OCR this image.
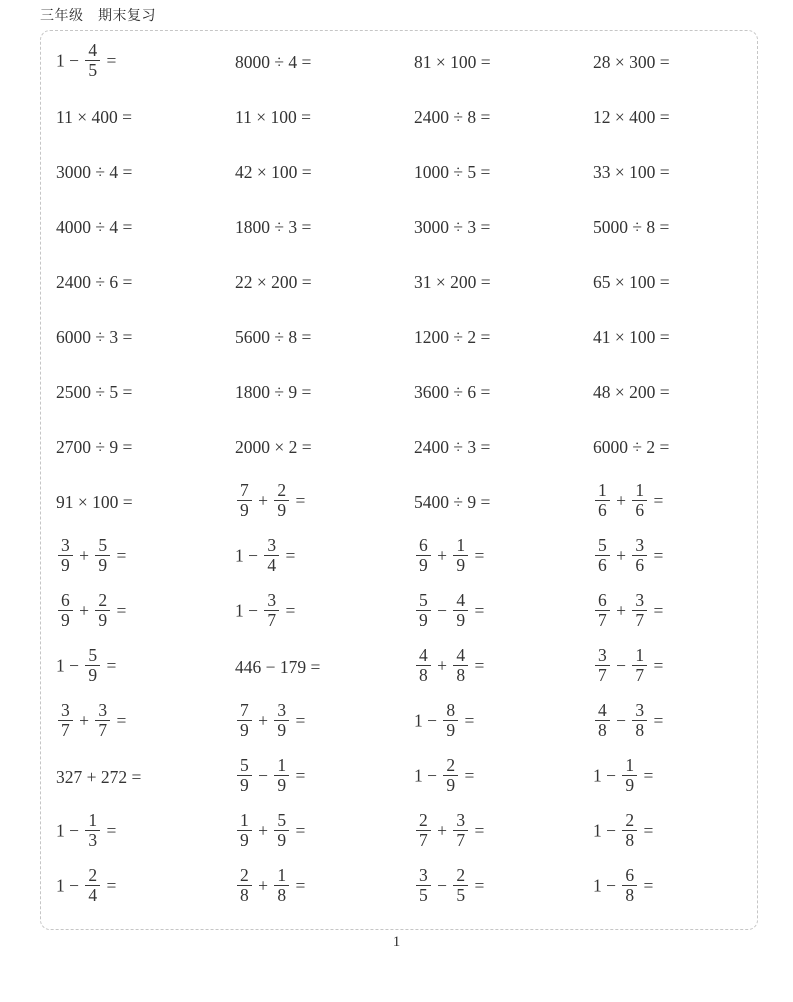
三年级　期末复习
$1 - \frac{4}{5}$ =	8000 ÷ 4 =	81 × 100 =	28 × 300 =
11 × 400 =	11 × 100 =	2400 ÷ 8 =	12 × 400 =
3000 ÷ 4 =	42 × 100 =	1000 ÷ 5 =	33 × 100 =
4000 ÷ 4 =	1800 ÷ 3 =	3000 ÷ 3 =	5000 ÷ 8 =
2400 ÷ 6 =	22 × 200 =	31 × 200 =	65 × 100 =
6000 ÷ 3 =	5600 ÷ 8 =	1200 ÷ 2 =	41 × 100 =
2500 ÷ 5 =	1800 ÷ 9 =	3600 ÷ 6 =	48 × 200 =
2700 ÷ 9 =	2000 × 2 =	2400 ÷ 3 =	6000 ÷ 2 =
91 × 100 =	$\frac{7}{9} + \frac{2}{9}$ =	5400 ÷ 9 =	$\frac{1}{6} + \frac{1}{6}$ =
$\frac{3}{9} + \frac{5}{9}$ =	$1 - \frac{3}{4}$ =	$\frac{6}{9} + \frac{1}{9}$ =	$\frac{5}{6} + \frac{3}{6}$ =
$\frac{6}{9} + \frac{2}{9}$ =	$1 - \frac{3}{7}$ =	$\frac{5}{9} - \frac{4}{9}$ =	$\frac{6}{7} + \frac{3}{7}$ =
$1 - \frac{5}{9}$ =	446 − 179 =	$\frac{4}{8} + \frac{4}{8}$ =	$\frac{3}{7} - \frac{1}{7}$ =
$\frac{3}{7} + \frac{3}{7}$ =	$\frac{7}{9} + \frac{3}{9}$ =	$1 - \frac{8}{9}$ =	$\frac{4}{8} - \frac{3}{8}$ =
327 + 272 =	$\frac{5}{9} - \frac{1}{9}$ =	$1 - \frac{2}{9}$ =	$1 - \frac{1}{9}$ =
$1 - \frac{1}{3}$ =	$\frac{1}{9} + \frac{5}{9}$ =	$\frac{2}{7} + \frac{3}{7}$ =	$1 - \frac{2}{8}$ =
$1 - \frac{2}{4}$ =	$\frac{2}{8} + \frac{1}{8}$ =	$\frac{3}{5} - \frac{2}{5}$ =	$1 - \frac{6}{8}$ =
1
